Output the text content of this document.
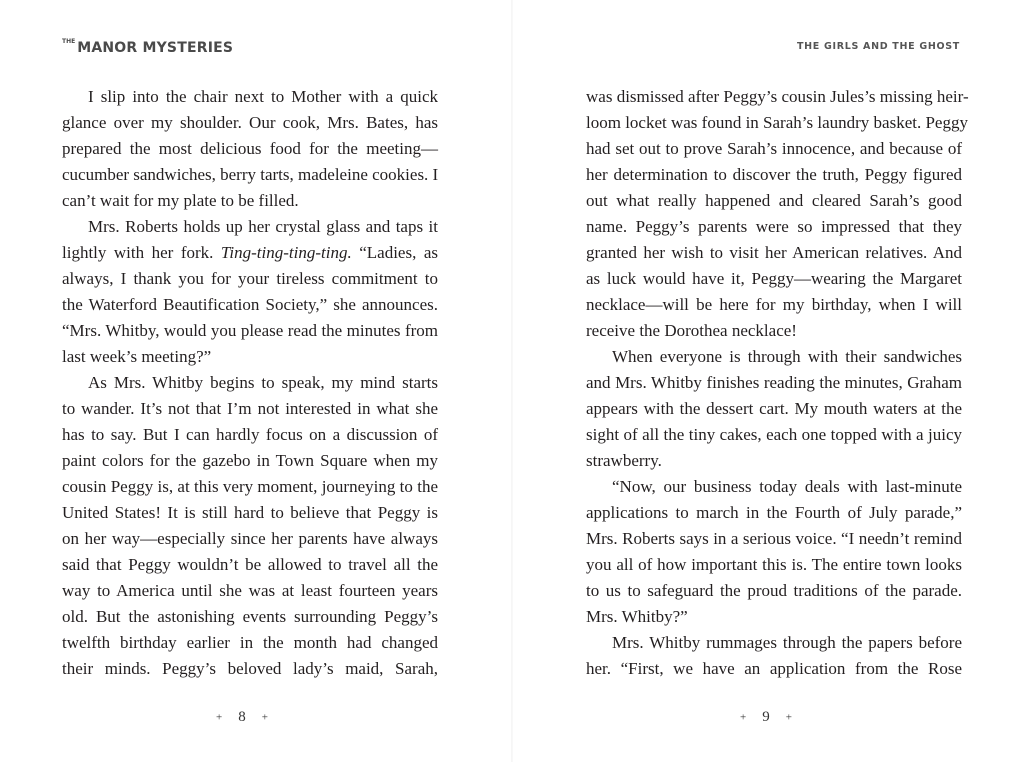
THE MANOR MYSTERIES
I slip into the chair next to Mother with a quick
glance over my shoulder. Our cook, Mrs. Bates, has
prepared the most delicious food for the meeting—
cucumber sandwiches, berry tarts, madeleine cookies. I
can’t wait for my plate to be filled.
Mrs. Roberts holds up her crystal glass and taps it
lightly with her fork. Ting-ting-ting-ting. “Ladies, as
always, I thank you for your tireless commitment to
the Waterford Beautification Society,” she announces.
“Mrs. Whitby, would you please read the minutes from
last week’s meeting?”
As Mrs. Whitby begins to speak, my mind starts
to wander. It’s not that I’m not interested in what she
has to say. But I can hardly focus on a discussion of
paint colors for the gazebo in Town Square when my
cousin Peggy is, at this very moment, journeying to the
United States! It is still hard to believe that Peggy is
on her way—especially since her parents have always
said that Peggy wouldn’t be allowed to travel all the
way to America until she was at least fourteen years
old. But the astonishing events surrounding Peggy’s
twelfth birthday earlier in the month had changed
their minds. Peggy’s beloved lady’s maid, Sarah,
+ 8 +
THE GIRLS AND THE GHOST
was dismissed after Peggy’s cousin Jules’s missing heir-
loom locket was found in Sarah’s laundry basket. Peggy
had set out to prove Sarah’s innocence, and because of
her determination to discover the truth, Peggy figured
out what really happened and cleared Sarah’s good
name. Peggy’s parents were so impressed that they
granted her wish to visit her American relatives. And
as luck would have it, Peggy—wearing the Margaret
necklace—will be here for my birthday, when I will
receive the Dorothea necklace!
When everyone is through with their sandwiches
and Mrs. Whitby finishes reading the minutes, Graham
appears with the dessert cart. My mouth waters at the
sight of all the tiny cakes, each one topped with a juicy
strawberry.
“Now, our business today deals with last-minute
applications to march in the Fourth of July parade,”
Mrs. Roberts says in a serious voice. “I needn’t remind
you all of how important this is. The entire town looks
to us to safeguard the proud traditions of the parade.
Mrs. Whitby?”
Mrs. Whitby rummages through the papers before
her. “First, we have an application from the Rose
+ 9 +
